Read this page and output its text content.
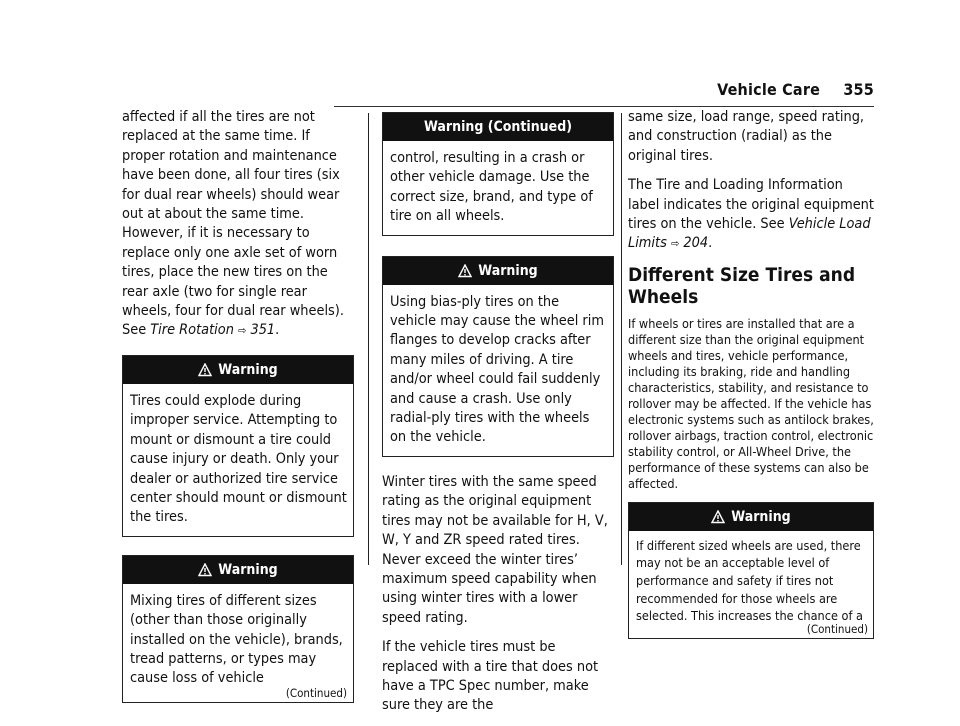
Vehicle Care 355

affected if all the tires are not replaced at the same time. If proper rotation and maintenance have been done, all four tires (six for dual rear wheels) should wear out at about the same time. However, if it is necessary to replace only one axle set of worn tires, place the new tires on the rear axle (two for single rear wheels, four for dual rear wheels). See Tire Rotation ⇨ 351.

Warning
Tires could explode during improper service. Attempting to mount or dismount a tire could cause injury or death. Only your dealer or authorized tire service center should mount or dismount the tires.
Warning
Mixing tires of different sizes (other than those originally installed on the vehicle), brands, tread patterns, or types may cause loss of vehicle
(Continued)
Warning (Continued)
control, resulting in a crash or other vehicle damage. Use the correct size, brand, and type of tire on all wheels.
Warning
Using bias-ply tires on the vehicle may cause the wheel rim flanges to develop cracks after many miles of driving. A tire and/or wheel could fail suddenly and cause a crash. Use only radial-ply tires with the wheels on the vehicle.

Winter tires with the same speed rating as the original equipment tires may not be available for H, V, W, Y and ZR speed rated tires. Never exceed the winter tires’ maximum speed capability when using winter tires with a lower speed rating.

If the vehicle tires must be replaced with a tire that does not have a TPC Spec number, make sure they are the

same size, load range, speed rating, and construction (radial) as the original tires.

The Tire and Loading Information label indicates the original equipment tires on the vehicle. See Vehicle Load Limits ⇨ 204.

Different Size Tires and Wheels

If wheels or tires are installed that are a different size than the original equipment wheels and tires, vehicle performance, including its braking, ride and handling characteristics, stability, and resistance to rollover may be affected. If the vehicle has electronic systems such as antilock brakes, rollover airbags, traction control, electronic stability control, or All-Wheel Drive, the performance of these systems can also be affected.

Warning
If different sized wheels are used, there may not be an acceptable level of performance and safety if tires not recommended for those wheels are selected. This increases the chance of a
(Continued)
